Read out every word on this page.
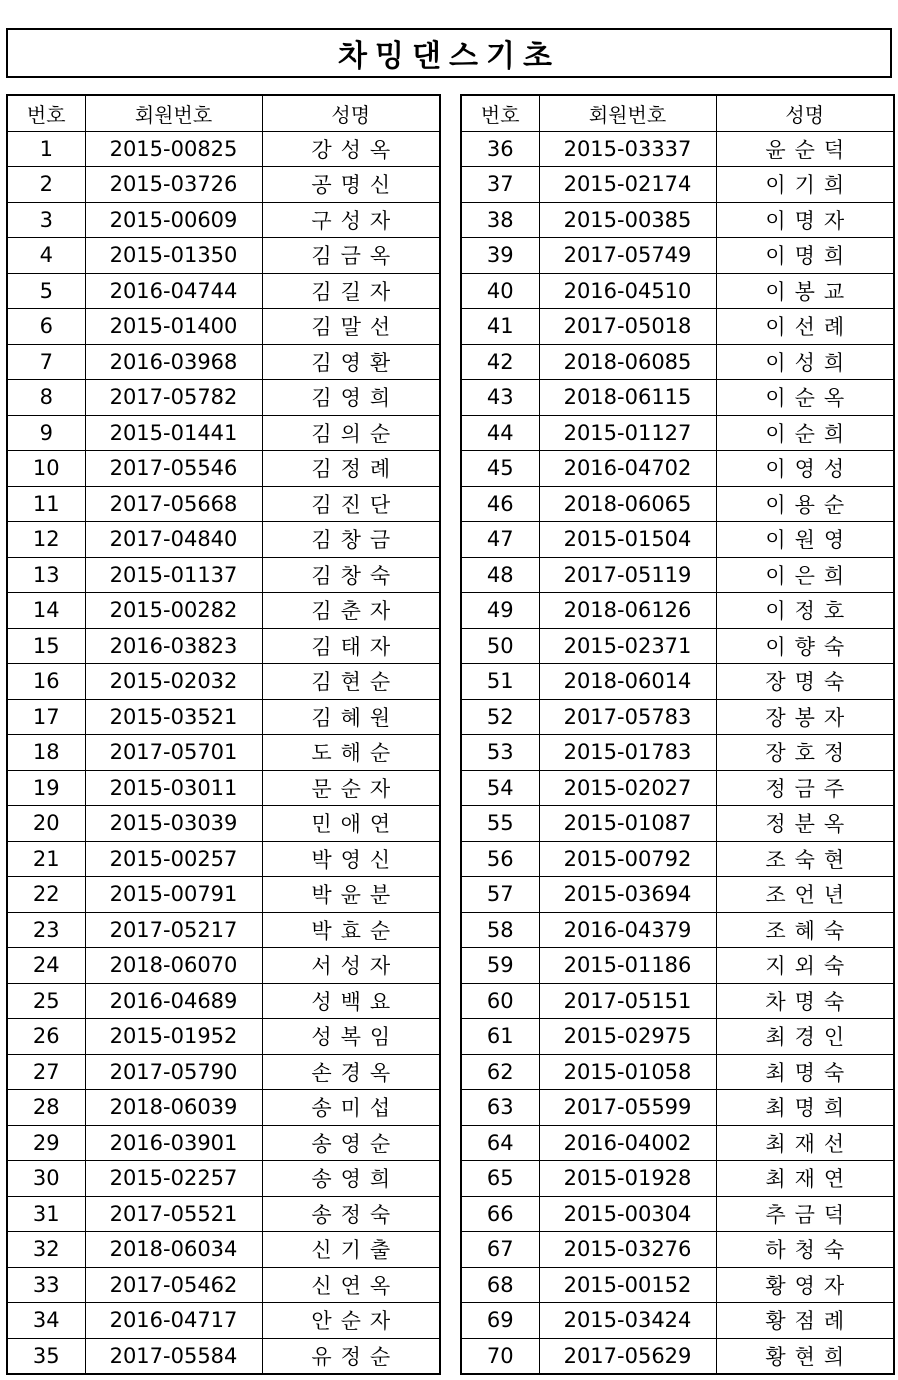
차밍댄스기초
번호	회원번호	성명
1	2015-00825	강성옥
2	2015-03726	공명신
3	2015-00609	구성자
4	2015-01350	김금옥
5	2016-04744	김길자
6	2015-01400	김말선
7	2016-03968	김영환
8	2017-05782	김영희
9	2015-01441	김의순
10	2017-05546	김정례
11	2017-05668	김진단
12	2017-04840	김창금
13	2015-01137	김창숙
14	2015-00282	김춘자
15	2016-03823	김태자
16	2015-02032	김현순
17	2015-03521	김혜원
18	2017-05701	도해순
19	2015-03011	문순자
20	2015-03039	민애연
21	2015-00257	박영신
22	2015-00791	박윤분
23	2017-05217	박효순
24	2018-06070	서성자
25	2016-04689	성백요
26	2015-01952	성복임
27	2017-05790	손경옥
28	2018-06039	송미섭
29	2016-03901	송영순
30	2015-02257	송영희
31	2017-05521	송정숙
32	2018-06034	신기출
33	2017-05462	신연옥
34	2016-04717	안순자
35	2017-05584	유정순
번호	회원번호	성명
36	2015-03337	윤순덕
37	2015-02174	이기희
38	2015-00385	이명자
39	2017-05749	이명희
40	2016-04510	이봉교
41	2017-05018	이선례
42	2018-06085	이성희
43	2018-06115	이순옥
44	2015-01127	이순희
45	2016-04702	이영성
46	2018-06065	이용순
47	2015-01504	이원영
48	2017-05119	이은희
49	2018-06126	이정호
50	2015-02371	이향숙
51	2018-06014	장명숙
52	2017-05783	장봉자
53	2015-01783	장호정
54	2015-02027	정금주
55	2015-01087	정분옥
56	2015-00792	조숙현
57	2015-03694	조언년
58	2016-04379	조혜숙
59	2015-01186	지외숙
60	2017-05151	차명숙
61	2015-02975	최경인
62	2015-01058	최명숙
63	2017-05599	최명희
64	2016-04002	최재선
65	2015-01928	최재연
66	2015-00304	추금덕
67	2015-03276	하청숙
68	2015-00152	황영자
69	2015-03424	황점례
70	2017-05629	황현희
